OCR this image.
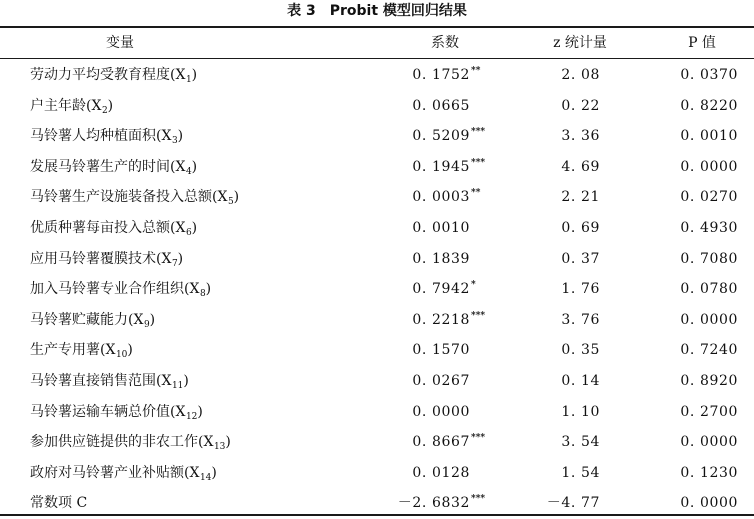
表 3 Probit 模型回归结果
变量	系数	z 统计量	P 值
劳动力平均受教育程度$(X_1)$	0. 1752 **	2. 08	0. 0370
户主年龄$(X_2)$	0. 0665	0. 22	0. 8220
马铃薯人均种植面积$(X_3)$	0. 5209 ***	3. 36	0. 0010
发展马铃薯生产的时间$(X_4)$	0. 1945 ***	4. 69	0. 0000
马铃薯生产设施装备投入总额$(X_5)$	0. 0003 **	2. 21	0. 0270
优质种薯每亩投入总额$(X_6)$	0. 0010	0. 69	0. 4930
应用马铃薯覆膜技术$(X_7)$	0. 1839	0. 37	0. 7080
加入马铃薯专业合作组织$(X_8)$	0. 7942 *	1. 76	0. 0780
马铃薯贮藏能力$(X_9)$	0. 2218 ***	3. 76	0. 0000
生产专用薯$(X_{10})$	0. 1570	0. 35	0. 7240
马铃薯直接销售范围$(X_{11})$	0. 0267	0. 14	0. 8920
马铃薯运输车辆总价值$(X_{12})$	0. 0000	1. 10	0. 2700
参加供应链提供的非农工作$(X_{13})$	0. 8667 ***	3. 54	0. 0000
政府对马铃薯产业补贴额$(X_{14})$	0. 0128	1. 54	0. 1230
常数项 C	－2. 6832 ***	－4. 77	0. 0000
